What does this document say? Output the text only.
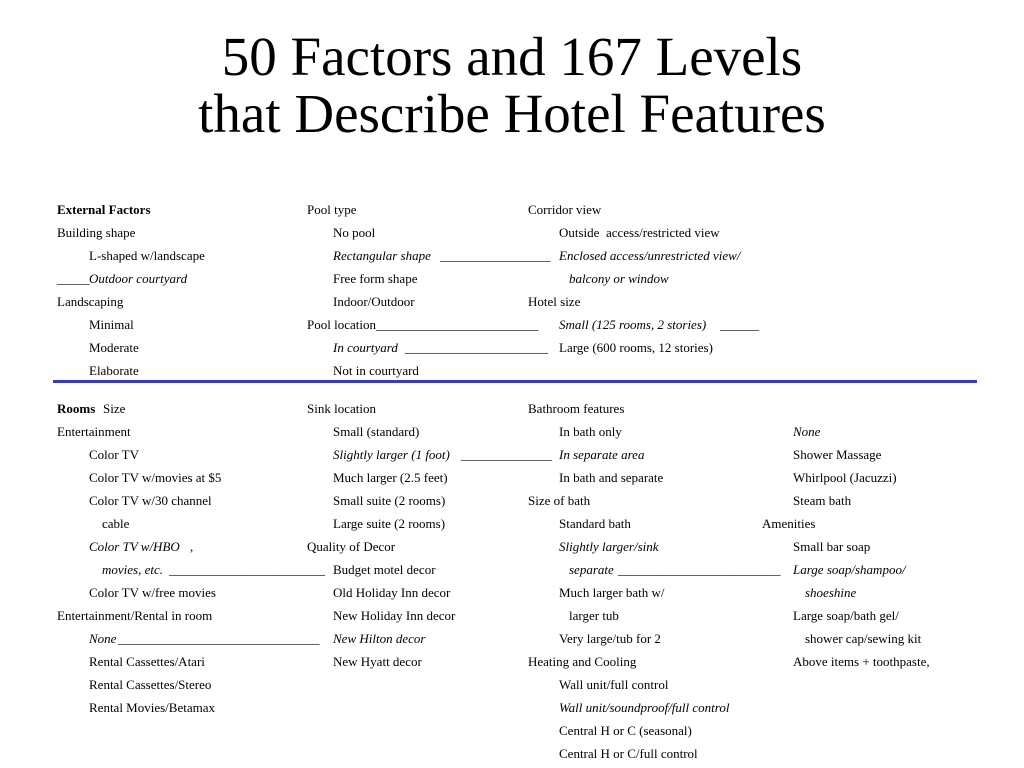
50 Factors and 167 Levels
that Describe Hotel Features
External Factors
Building shape
L-shaped w/landscape
_____ Outdoor courtyard
Landscaping
Minimal
Moderate
Elaborate
Pool type
No pool
Rectangular shape _________________
Free form shape
Indoor/Outdoor
Pool location_________________________
In courtyard ______________________
Not in courtyard
Corridor view
Outside  access/restricted view
Enclosed access/unrestricted view/
balcony or window
Hotel size
Small (125 rooms, 2 stories) ______
Large (600 rooms, 12 stories)
Rooms Size
Entertainment
Color TV
Color TV w/movies at $5
Color TV w/30 channel
cable
Color TV w/HBO ,
movies, etc. ________________________
Color TV w/free movies
Entertainment/Rental in room
None _______________________________
Rental Cassettes/Atari
Rental Cassettes/Stereo
Rental Movies/Betamax
Sink location
Small (standard)
Slightly larger (1 foot) ______________
Much larger (2.5 feet)
Small suite (2 rooms)
Large suite (2 rooms)
Quality of Decor
Budget motel decor
Old Holiday Inn decor
New Holiday Inn decor
New Hilton decor
New Hyatt decor
Bathroom features
In bath only
In separate area
In bath and separate
Size of bath
Standard bath
Slightly larger/sink
separate _________________________
Much larger bath w/
larger tub
Very large/tub for 2
Heating and Cooling
Wall unit/full control
Wall unit/soundproof/full control
Central H or C (seasonal)
Central H or C/full control
None
Shower Massage
Whirlpool (Jacuzzi)
Steam bath
Amenities
Small bar soap
Large soap/shampoo/
shoeshine
Large soap/bath gel/
shower cap/sewing kit
Above items + toothpaste,
